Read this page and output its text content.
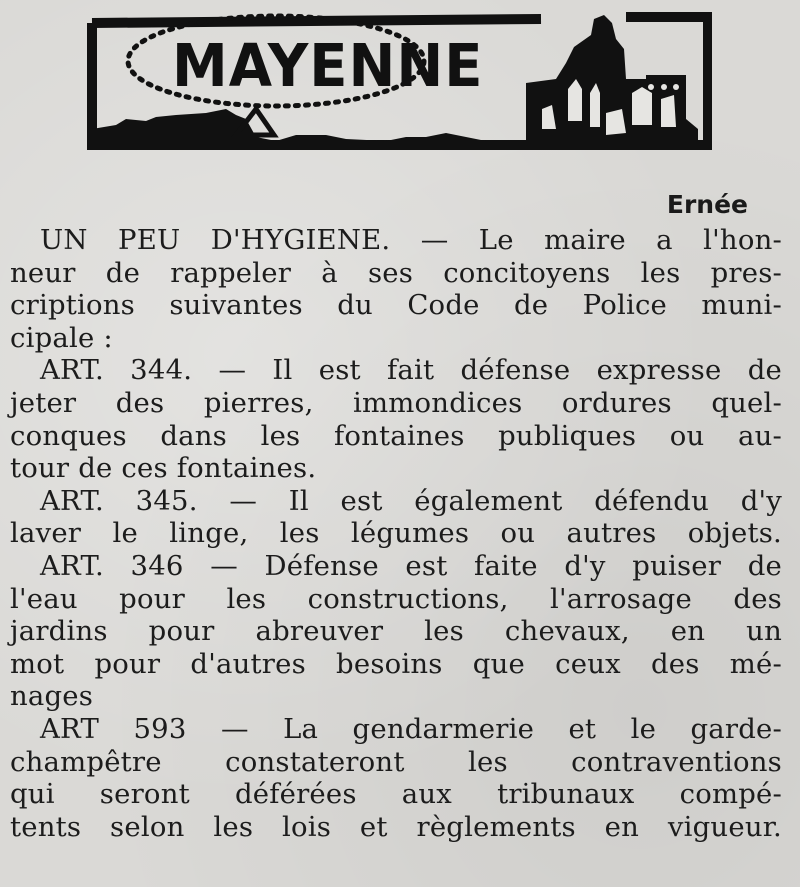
MAYENNE
Ernée
UN PEU D'HYGIENE. — Le maire a l'hon-
neur de rappeler à ses concitoyens les pres-
criptions suivantes du Code de Police muni-
cipale :
ART. 344. — Il est fait défense expresse de
jeter des pierres, immondices ordures quel-
conques dans les fontaines publiques ou au-
tour de ces fontaines.
ART. 345. — Il est également défendu d'y
laver le linge, les légumes ou autres objets.
ART. 346 — Défense est faite d'y puiser de
l'eau pour les constructions, l'arrosage des
jardins pour abreuver les chevaux, en un
mot pour d'autres besoins que ceux des mé-
nages
ART 593 — La gendarmerie et le garde-
champêtre constateront les contraventions
qui seront déférées aux tribunaux compé-
tents selon les lois et règlements en vigueur.
